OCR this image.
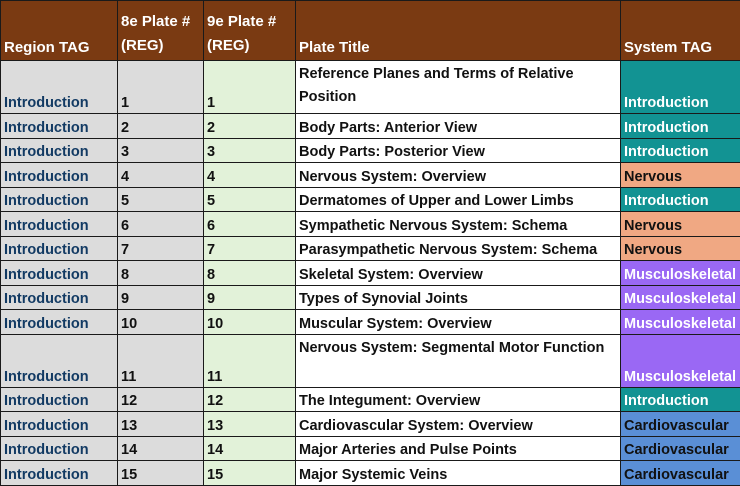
Region TAG	8e Plate # (REG)	9e Plate # (REG)	Plate Title	System TAG
Introduction	1	1	Reference Planes and Terms of Relative Position	Introduction
Introduction	2	2	Body Parts: Anterior View	Introduction
Introduction	3	3	Body Parts: Posterior View	Introduction
Introduction	4	4	Nervous System: Overview	Nervous
Introduction	5	5	Dermatomes of Upper and Lower Limbs	Introduction
Introduction	6	6	Sympathetic Nervous System: Schema	Nervous
Introduction	7	7	Parasympathetic Nervous System: Schema	Nervous
Introduction	8	8	Skeletal System: Overview	Musculoskeletal
Introduction	9	9	Types of Synovial Joints	Musculoskeletal
Introduction	10	10	Muscular System: Overview	Musculoskeletal
Introduction	11	11	Nervous System: Segmental Motor Function	Musculoskeletal
Introduction	12	12	The Integument: Overview	Introduction
Introduction	13	13	Cardiovascular System: Overview	Cardiovascular
Introduction	14	14	Major Arteries and Pulse Points	Cardiovascular
Introduction	15	15	Major Systemic Veins	Cardiovascular
